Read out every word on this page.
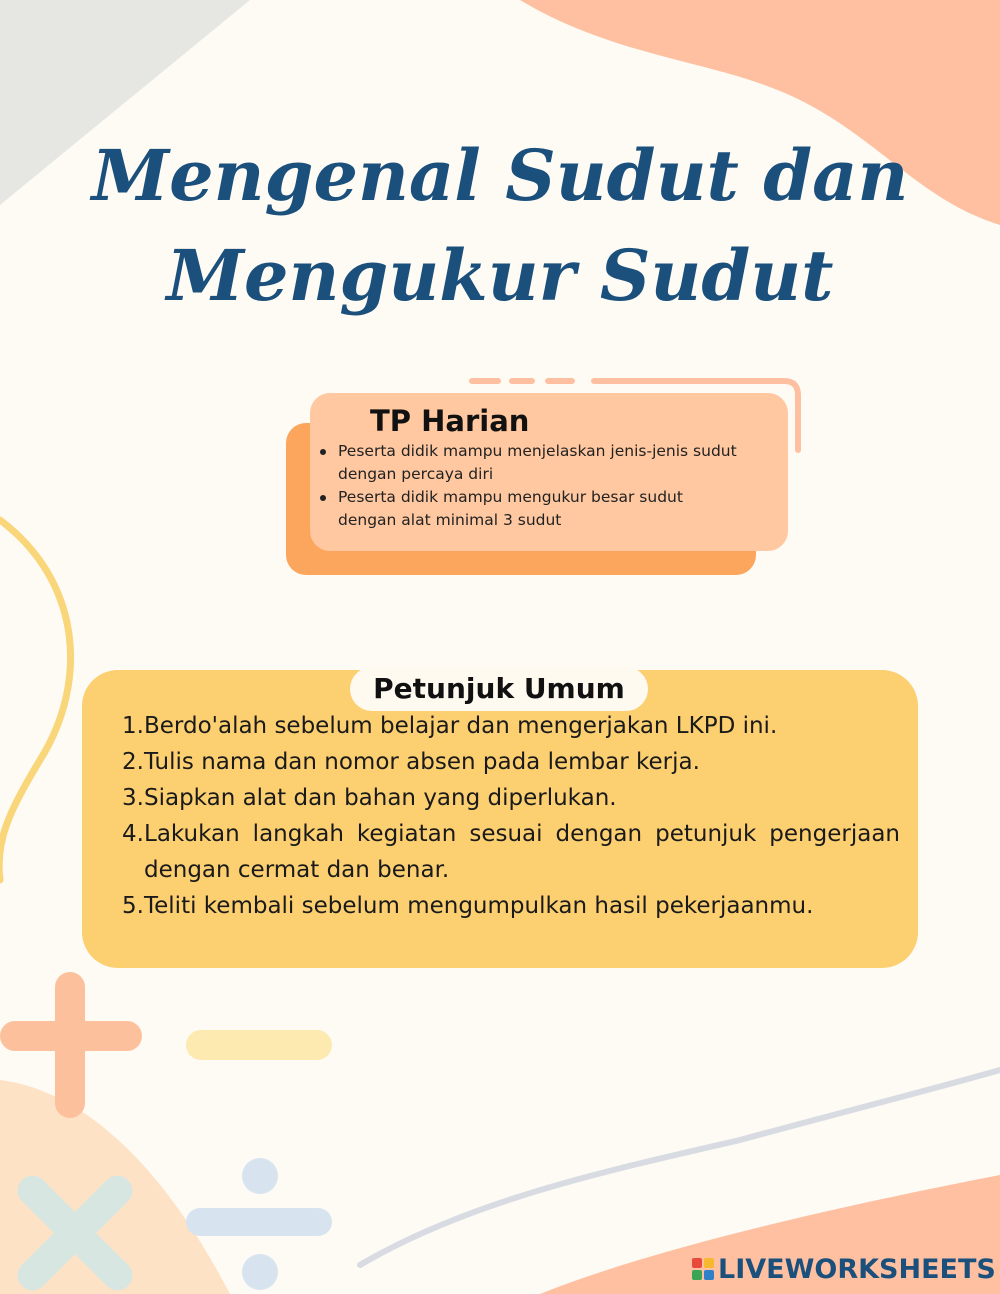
Mengenal Sudut dan
Mengukur Sudut
TP Harian
Peserta didik mampu menjelaskan jenis-jenis sudut dengan percaya diri
Peserta didik mampu mengukur besar sudut dengan alat minimal 3 sudut
Petunjuk Umum
1. Berdo'alah sebelum belajar dan mengerjakan LKPD ini.
2. Tulis nama dan nomor absen pada lembar kerja.
3. Siapkan alat dan bahan yang diperlukan.
4. Lakukan langkah kegiatan sesuai dengan petunjuk pengerjaan dengan cermat dan benar.
5. Teliti kembali sebelum mengumpulkan hasil pekerjaanmu.
LIVEWORKSHEETS
